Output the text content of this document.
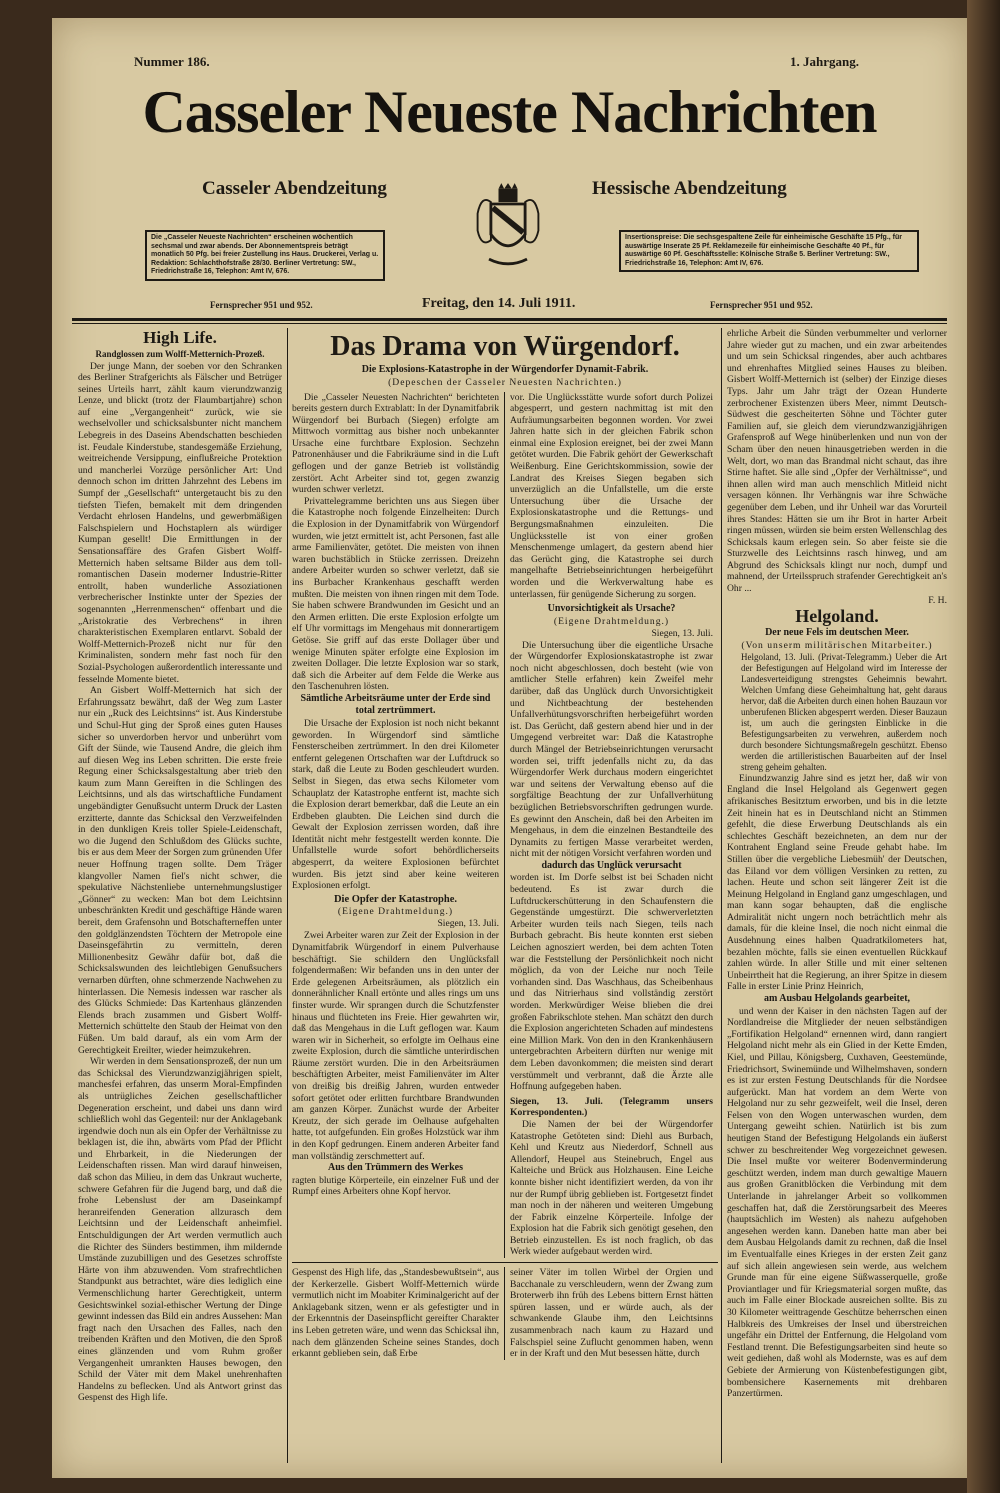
Nummer 186.	1. Jahrgang.
Casseler Neueste Nachrichten
Casseler Abendzeitung	Hessische Abendzeitung
Die „Casseler Neueste Nachrichten“ erscheinen wöchentlich sechsmal und zwar abends. Der Abonnementspreis beträgt monatlich 50 Pfg. bei freier Zustellung ins Haus. Druckerei, Verlag u. Redaktion: Schlachthofstraße 28/30. Berliner Vertretung: SW., Friedrichstraße 16, Telephon: Amt IV, 676.
Insertionspreise: Die sechsgespaltene Zeile für einheimische Geschäfte 15 Pfg., für auswärtige Inserate 25 Pf. Reklamezeile für einheimische Geschäfte 40 Pf., für auswärtige 60 Pf. Geschäftsstelle: Kölnische Straße 5. Berliner Vertretung: SW., Friedrichstraße 16, Telephon: Amt IV, 676.
Fernsprecher 951 und 952.	Freitag, den 14. Juli 1911.	Fernsprecher 951 und 952.
High Life.
Randglossen zum Wolff-Metternich-Prozeß.

Der junge Mann, der soeben vor den Schranken des Berliner Strafgerichts als Fälscher und Betrüger seines Urteils harrt, zählt kaum vierundzwanzig Lenze, und blickt (trotz der Flaumbartjahre) schon auf eine „Vergangenheit“ zurück, wie sie wechselvoller und schicksalsbunter nicht manchem Lebegreis in des Daseins Abendschatten beschieden ist. Feudale Kinderstube, standesgemäße Erziehung, weitreichende Versippung, einflußreiche Protektion und mancherlei Vorzüge persönlicher Art: Und dennoch schon im dritten Jahrzehnt des Lebens im Sumpf der „Gesellschaft“ untergetaucht bis zu den tiefsten Tiefen, bemakelt mit dem dringenden Verdacht ehrlosen Handelns, und gewerbmäßigen Falschspielern und Hochstaplern als würdiger Kumpan gesellt! Die Ermittlungen in der Sensationsaffäre des Grafen Gisbert Wolff-Metternich haben seltsame Bilder aus dem toll-romantischen Dasein moderner Industrie-Ritter entrollt, haben wunderliche Assoziationen verbrecherischer Instinkte unter der Spezies der sogenannten „Herrenmenschen“ offenbart und die „Aristokratie des Verbrechens“ in ihren charakteristischen Exemplaren entlarvt. Sobald der Wolff-Metternich-Prozeß nicht nur für den Kriminalisten, sondern mehr fast noch für den Sozial-Psychologen außerordentlich interessante und fesselnde Momente bietet.

An Gisbert Wolff-Metternich hat sich der Erfahrungssatz bewährt, daß der Weg zum Laster nur ein „Ruck des Leichtsinns“ ist. Aus Kinderstube und Schul-Hut ging der Sproß eines guten Hauses sicher so unverdorben hervor und unberührt vom Gift der Sünde, wie Tausend Andre, die gleich ihm auf diesen Weg ins Leben schritten. Die erste freie Regung einer Schicksalsgestaltung aber trieb den kaum zum Mann Gereiften in die Schlingen des Leichtsinns, und als das wirtschaftliche Fundament ungebändigter Genußsucht unterm Druck der Lasten erzitterte, dannte das Schicksal den Verzweifelnden in den dunkligen Kreis toller Spiele-Leidenschaft, wo die Jugend den Schlußdom des Glücks suchte, bis er aus dem Meer der Sorgen zum grünenden Ufer neuer Hoffnung tragen sollte. Dem Träger klangvoller Namen fiel's nicht schwer, die spekulative Nächstenliebe unternehmungslustiger „Gönner“ zu wecken: Man bot dem Leichtsinn unbeschränkten Kredit und geschäftige Hände waren bereit, dem Grafensohn und Botschafterneffen unter den goldglänzendsten Töchtern der Metropole eine Daseinsgefährtin zu vermitteln, deren Millionenbesitz Gewähr dafür bot, daß die Schicksalswunden des leichtlebigen Genußsuchers vernarben dürften, ohne schmerzende Nachwehen zu hinterlassen. Die Nemesis indessen war rascher als des Glücks Schmiede: Das Kartenhaus glänzenden Elends brach zusammen und Gisbert Wolff-Metternich schüttelte den Staub der Heimat von den Füßen. Um bald darauf, als ein vom Arm der Gerechtigkeit Ereilter, wieder heimzukehren.

Wir werden in dem Sensationsprozeß, der nun um das Schicksal des Vierundzwanzigjährigen spielt, manchesfei erfahren, das unserm Moral-Empfinden als untrügliches Zeichen gesellschaftlicher Degeneration erscheint, und dabei uns dann wird schließlich wohl das Gegenteil: nur der Anklagebank irgendwie doch nun als ein Opfer der Verhältnisse zu beklagen ist, die ihn, abwärts vom Pfad der Pflicht und Ehrbarkeit, in die Niederungen der Leidenschaften rissen. Man wird darauf hinweisen, daß schon das Milieu, in dem das Unkraut wucherte, schwere Gefahren für die Jugend barg, und daß die frohe Lebenslust der am Daseinkampf heranreifenden Generation allzurasch dem Leichtsinn und der Leidenschaft anheimfiel. Entschuldigungen der Art werden vermutlich auch die Richter des Sünders bestimmen, ihm mildernde Umstände zuzubilligen und des Gesetzes schroffste Härte von ihm abzuwenden. Vom strafrechtlichen Standpunkt aus betrachtet, wäre dies lediglich eine Vermenschlichung harter Gerechtigkeit, unterm Gesichtswinkel sozial-ethischer Wertung der Dinge gewinnt indessen das Bild ein andres Aussehen: Man fragt nach den Ursachen des Falles, nach den treibenden Kräften und den Motiven, die den Sproß eines glänzenden und vom Ruhm großer Vergangenheit umrankten Hauses bewogen, den Schild der Väter mit dem Makel unehrenhaften Handelns zu beflecken. Und als Antwort grinst das Gespenst des High life.

Das Drama von Würgendorf.
Die Explosions-Katastrophe in der Würgendorfer Dynamit-Fabrik.
(Depeschen der Casseler Neuesten Nachrichten.)

Die „Casseler Neuesten Nachrichten“ berichteten bereits gestern durch Extrablatt: In der Dynamitfabrik Würgendorf bei Burbach (Siegen) erfolgte am Mittwoch vormittag aus bisher noch unbekannter Ursache eine furchtbare Explosion. Sechzehn Patronenhäuser und die Fabrikräume sind in die Luft geflogen und der ganze Betrieb ist vollständig zerstört. Acht Arbeiter sind tot, gegen zwanzig wurden schwer verletzt.

Privattelegramme berichten uns aus Siegen über die Katastrophe noch folgende Einzelheiten: Durch die Explosion in der Dynamitfabrik von Würgendorf wurden, wie jetzt ermittelt ist, acht Personen, fast alle arme Familienväter, getötet. Die meisten von ihnen waren buchstäblich in Stücke zerrissen. Dreizehn andere Arbeiter wurden so schwer verletzt, daß sie ins Burbacher Krankenhaus geschafft werden mußten. Die meisten von ihnen ringen mit dem Tode. Sie haben schwere Brandwunden im Gesicht und an den Armen erlitten. Die erste Explosion erfolgte um elf Uhr vormittags im Mengehaus mit donnerartigem Getöse. Sie griff auf das erste Dollager über und wenige Minuten später erfolgte eine Explosion im zweiten Dollager. Die letzte Explosion war so stark, daß sich die Arbeiter auf dem Felde die Werke aus den Taschenuhren lösten.

Sämtliche Arbeitsräume unter der Erde sind total zertrümmert.

Die Ursache der Explosion ist noch nicht bekannt geworden. In Würgendorf sind sämtliche Fensterscheiben zertrümmert. In den drei Kilometer entfernt gelegenen Ortschaften war der Luftdruck so stark, daß die Leute zu Boden geschleudert wurden. Selbst in Siegen, das etwa sechs Kilometer vom Schauplatz der Katastrophe entfernt ist, machte sich die Explosion derart bemerkbar, daß die Leute an ein Erdbeben glaubten. Die Leichen sind durch die Gewalt der Explosion zerrissen worden, daß ihre Identität nicht mehr festgestellt werden konnte. Die Unfallstelle wurde sofort behördlicherseits abgesperrt, da weitere Explosionen befürchtet wurden. Bis jetzt sind aber keine weiteren Explosionen erfolgt.

Die Opfer der Katastrophe.
(Eigene Drahtmeldung.)
Siegen, 13. Juli.

Zwei Arbeiter waren zur Zeit der Explosion in der Dynamitfabrik Würgendorf in einem Pulverhause beschäftigt. Sie schildern den Unglücksfall folgendermaßen: Wir befanden uns in den unter der Erde gelegenen Arbeitsräumen, als plötzlich ein donnerähnlicher Knall ertönte und alles rings um uns finster wurde. Wir sprangen durch die Schutzfenster hinaus und flüchteten ins Freie. Hier gewahrten wir, daß das Mengehaus in die Luft geflogen war. Kaum waren wir in Sicherheit, so erfolgte im Oelhaus eine zweite Explosion, durch die sämtliche unterirdischen Räume zerstört wurden. Die in den Arbeitsräumen beschäftigten Arbeiter, meist Familienväter im Alter von dreißig bis dreißig Jahren, wurden entweder sofort getötet oder erlitten furchtbare Brandwunden am ganzen Körper. Zunächst wurde der Arbeiter Kreutz, der sich gerade im Oelhause aufgehalten hatte, tot aufgefunden. Ein großes Holzstück war ihm in den Kopf gedrungen. Einem anderen Arbeiter fand man vollständig zerschmettert auf.

Aus den Trümmern des Werkes

ragten blutige Körperteile, ein einzelner Fuß und der Rumpf eines Arbeiters ohne Kopf hervor.

vor. Die Unglücksstätte wurde sofort durch Polizei abgesperrt, und gestern nachmittag ist mit den Aufräumungsarbeiten begonnen worden. Vor zwei Jahren hatte sich in der gleichen Fabrik schon einmal eine Explosion ereignet, bei der zwei Mann getötet wurden. Die Fabrik gehört der Gewerkschaft Weißenburg. Eine Gerichtskommission, sowie der Landrat des Kreises Siegen begaben sich unverzüglich an die Unfallstelle, um die erste Untersuchung über die Ursache der Explosionskatastrophe und die Rettungs- und Bergungsmaßnahmen einzuleiten. Die Unglücksstelle ist von einer großen Menschenmenge umlagert, da gestern abend hier das Gerücht ging, die Katastrophe sei durch mangelhafte Betriebseinrichtungen herbeigeführt worden und die Werkverwaltung habe es unterlassen, für genügende Sicherung zu sorgen.

Unvorsichtigkeit als Ursache?
(Eigene Drahtmeldung.)
Siegen, 13. Juli.

Die Untersuchung über die eigentliche Ursache der Würgendorfer Explosionskatastrophe ist zwar noch nicht abgeschlossen, doch besteht (wie von amtlicher Stelle erfahren) kein Zweifel mehr darüber, daß das Unglück durch Unvorsichtigkeit und Nichtbeachtung der bestehenden Unfallverhütungsvorschriften herbeigeführt worden ist. Das Gerücht, daß gestern abend hier und in der Umgegend verbreitet war: Daß die Katastrophe durch Mängel der Betriebseinrichtungen verursacht worden sei, trifft jedenfalls nicht zu, da das Würgendorfer Werk durchaus modern eingerichtet war und seitens der Verwaltung ebenso auf die sorgfältige Beachtung der zur Unfallverhütung bezüglichen Betriebsvorschriften gedrungen wurde. Es gewinnt den Anschein, daß bei den Arbeiten im Mengehaus, in dem die einzelnen Bestandteile des Dynamits zu fertigen Masse verarbeitet werden, nicht mit der nötigen Vorsicht verfahren worden und

dadurch das Unglück verursacht

worden ist. Im Dorfe selbst ist bei Schaden nicht bedeutend. Es ist zwar durch die Luftdruckerschütterung in den Schaufenstern die Gegenstände umgestürzt. Die schwerverletzten Arbeiter wurden teils nach Siegen, teils nach Burbach gebracht. Bis heute konnten erst sieben Leichen agnosziert werden, bei dem achten Toten war die Feststellung der Persönlichkeit noch nicht möglich, da von der Leiche nur noch Teile vorhanden sind. Das Waschhaus, das Scheibenhaus und das Nitrierhaus sind vollständig zerstört worden. Merkwürdiger Weise blieben die drei großen Fabrikschlote stehen. Man schätzt den durch die Explosion angerichteten Schaden auf mindestens eine Million Mark. Von den in den Krankenhäusern untergebrachten Arbeitern dürften nur wenige mit dem Leben davonkommen; die meisten sind derart verstümmelt und verbrannt, daß die Ärzte alle Hoffnung aufgegeben haben.

Siegen, 13. Juli. (Telegramm unsers Korrespondenten.)

Die Namen der bei der Würgendorfer Katastrophe Getöteten sind: Diehl aus Burbach, Kehl und Kreutz aus Niederdorf, Schnell aus Allendorf, Heupel aus Steinebruch, Engel aus Kalteiche und Brück aus Holzhausen. Eine Leiche konnte bisher nicht identifiziert werden, da von ihr nur der Rumpf übrig geblieben ist. Fortgesetzt findet man noch in der näheren und weiteren Umgebung der Fabrik einzelne Körperteile. Infolge der Explosion hat die Fabrik sich genötigt gesehen, den Betrieb einzustellen. Es ist noch fraglich, ob das Werk wieder aufgebaut werden wird.

Gespenst des High life, das „Standesbewußtsein“, aus der Kerkerzelle. Gisbert Wolff-Metternich würde vermutlich nicht im Moabiter Kriminalgericht auf der Anklagebank sitzen, wenn er als gefestigter und in der Erkenntnis der Daseinspflicht gereifter Charakter ins Leben getreten wäre, und wenn das Schicksal ihn, nach dem glänzenden Scheine seines Standes, doch erkannt geblieben sein, daß Erbe

seiner Väter im tollen Wirbel der Orgien und Bacchanale zu verschleudern, wenn der Zwang zum Broterwerb ihn früh des Lebens bittern Ernst hätten spüren lassen, und er würde auch, als der schwankende Glaube ihm, den Leichtsinns zusammenbrach nach kaum zu Hazard und Falschspiel seine Zuflucht genommen haben, wenn er in der Kraft und den Mut besessen hätte, durch

ehrliche Arbeit die Sünden verbummelter und verlorner Jahre wieder gut zu machen, und ein zwar arbeitendes und um sein Schicksal ringendes, aber auch achtbares und ehrenhaftes Mitglied seines Hauses zu bleiben. Gisbert Wolff-Metternich ist (selber) der Einzige dieses Typs. Jahr um Jahr trägt der Ozean Hunderte zerbrochener Existenzen übers Meer, nimmt Deutsch-Südwest die gescheiterten Söhne und Töchter guter Familien auf, sie gleich dem vierundzwanzigjährigen Grafensproß auf Wege hinüberlenken und nun von der Scham über den neuen hinausgetrieben werden in die Welt, dort, wo man das Brandmal nicht schaut, das ihre Stirne haftet. Sie alle sind „Opfer der Verhältnisse“, und ihnen allen wird man auch menschlich Mitleid nicht versagen können. Ihr Verhängnis war ihre Schwäche gegenüber dem Leben, und ihr Unheil war das Vorurteil ihres Standes: Hätten sie um ihr Brot in harter Arbeit ringen müssen, würden sie beim ersten Wellenschlag des Schicksals kaum erlegen sein. So aber feiste sie die Sturzwelle des Leichtsinns rasch hinweg, und am Abgrund des Schicksals klingt nur noch, dumpf und mahnend, der Urteilsspruch strafender Gerechtigkeit an's Ohr ...

F. H.
Helgoland.
Der neue Fels im deutschen Meer.
(Von unserm militärischen Mitarbeiter.)

Helgoland, 13. Juli. (Privat-Telegramm.) Ueber die Art der Befestigungen auf Helgoland wird im Interesse der Landesverteidigung strengstes Geheimnis bewahrt. Welchen Umfang diese Geheimhaltung hat, geht daraus hervor, daß die Arbeiten durch einen hohen Bauzaun vor unberufenen Blicken abgesperrt werden. Dieser Bauzaun ist, um auch die geringsten Einblicke in die Befestigungsarbeiten zu verwehren, außerdem noch durch besondere Sichtungsmaßregeln geschützt. Ebenso werden die artilleristischen Bauarbeiten auf der Insel streng geheim gehalten.

Einundzwanzig Jahre sind es jetzt her, daß wir von England die Insel Helgoland als Gegenwert gegen afrikanisches Besitztum erworben, und bis in die letzte Zeit hinein hat es in Deutschland nicht an Stimmen gefehlt, die diese Erwerbung Deutschlands als ein schlechtes Geschäft bezeichneten, an dem nur der Kontrahent England seine Freude gehabt habe. Im Stillen über die vergebliche Liebesmüh' der Deutschen, das Eiland vor dem völligen Versinken zu retten, zu lachen. Heute und schon seit längerer Zeit ist die Meinung Helgoland in England ganz umgeschlagen, und man kann sogar behaupten, daß die englische Admiralität nicht ungern noch beträchtlich mehr als damals, für die kleine Insel, die noch nicht einmal die Ausdehnung eines halben Quadratkilometers hat, bezahlen möchte, falls sie einen eventuellen Rückkauf zahlen würde. In aller Stille und mit einer seltenen Unbeirrtheit hat die Regierung, an ihrer Spitze in diesem Falle in erster Linie Prinz Heinrich,

am Ausbau Helgolands gearbeitet,

und wenn der Kaiser in den nächsten Tagen auf der Nordlandreise die Mitglieder der neuen selbständigen „Fortifikation Helgoland“ ernennen wird, dann rangiert Helgoland nicht mehr als ein Glied in der Kette Emden, Kiel, und Pillau, Königsberg, Cuxhaven, Geestemünde, Friedrichsort, Swinemünde und Wilhelmshaven, sondern es ist zur ersten Festung Deutschlands für die Nordsee aufgerückt. Man hat vordem an dem Werte von Helgoland nur zu sehr gezweifelt, weil die Insel, deren Felsen von den Wogen unterwaschen wurden, dem Untergang geweiht schien. Natürlich ist bis zum heutigen Stand der Befestigung Helgolands ein äußerst schwer zu beschreitender Weg vorgezeichnet gewesen. Die Insel mußte vor weiterer Bodenverminderung geschützt werden, indem man durch gewaltige Mauern aus großen Granitblöcken die Verbindung mit dem Unterlande in jahrelanger Arbeit so vollkommen geschaffen hat, daß die Zerstörungsarbeit des Meeres (hauptsächlich im Westen) als nahezu aufgehoben angesehen werden kann. Daneben hatte man aber bei dem Ausbau Helgolands damit zu rechnen, daß die Insel im Eventualfalle eines Krieges in der ersten Zeit ganz auf sich allein angewiesen sein werde, aus welchem Grunde man für eine eigene Süßwasserquelle, große Proviantlager und für Kriegsmaterial sorgen mußte, das auch im Falle einer Blockade ausreichen sollte. Bis zu 30 Kilometer weittragende Geschütze beherrschen einen Halbkreis des Umkreises der Insel und überstreichen ungefähr ein Drittel der Entfernung, die Helgoland vom Festland trennt. Die Befestigungsarbeiten sind heute so weit gediehen, daß wohl als Modernste, was es auf dem Gebiete der Armierung von Küstenbefestigungen gibt, bombensichere Kasernements mit drehbaren Panzertürmen.
